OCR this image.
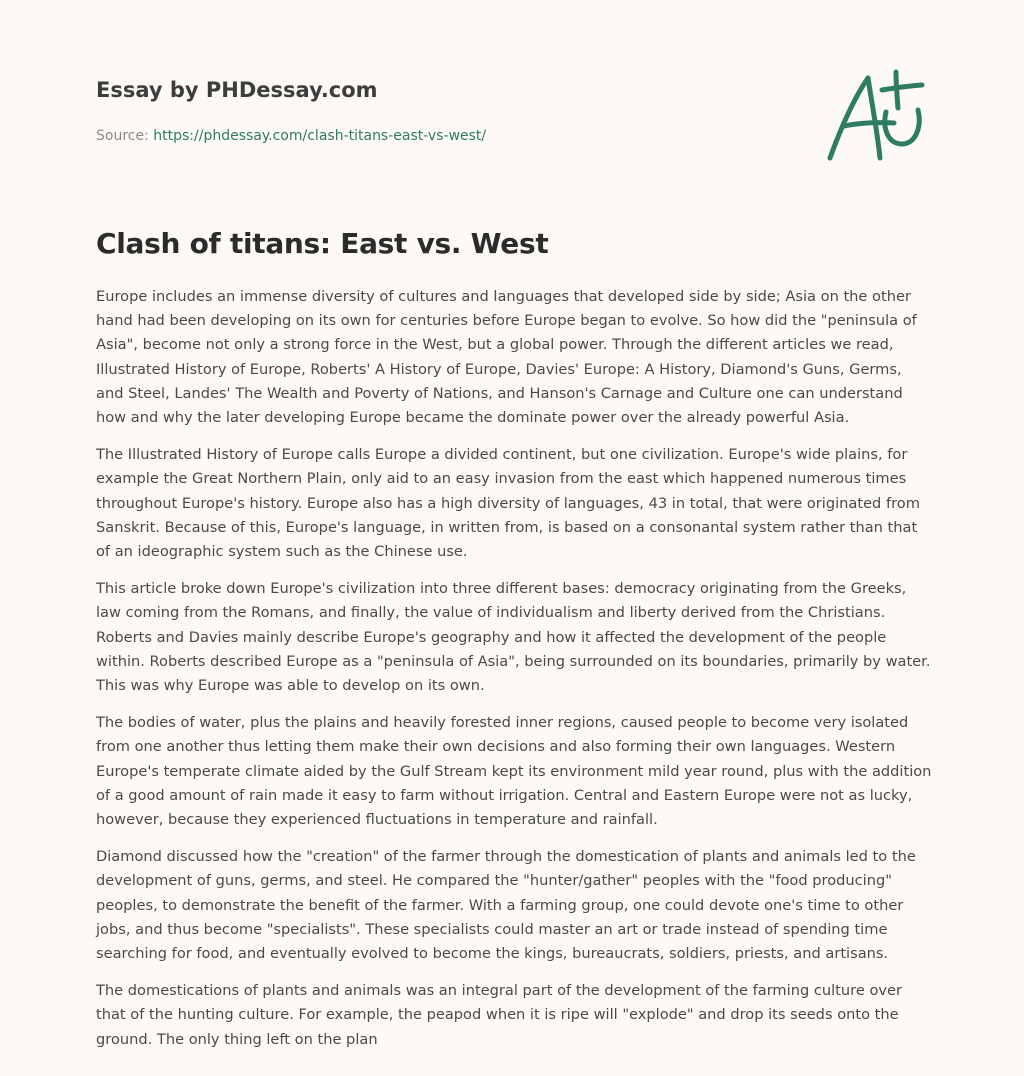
Essay by PHDessay.com
Source: https://phdessay.com/clash-titans-east-vs-west/
Clash of titans: East vs. West

Europe includes an immense diversity of cultures and languages that developed side by side; Asia on the other hand had been developing on its own for centuries before Europe began to evolve. So how did the "peninsula of Asia", become not only a strong force in the West, but a global power. Through the different articles we read, Illustrated History of Europe, Roberts' A History of Europe, Davies' Europe: A History, Diamond's Guns, Germs, and Steel, Landes' The Wealth and Poverty of Nations, and Hanson's Carnage and Culture one can understand how and why the later developing Europe became the dominate power over the already powerful Asia.

The Illustrated History of Europe calls Europe a divided continent, but one civilization. Europe's wide plains, for example the Great Northern Plain, only aid to an easy invasion from the east which happened numerous times throughout Europe's history. Europe also has a high diversity of languages, 43 in total, that were originated from Sanskrit. Because of this, Europe's language, in written from, is based on a consonantal system rather than that of an ideographic system such as the Chinese use.

This article broke down Europe's civilization into three different bases: democracy originating from the Greeks, law coming from the Romans, and finally, the value of individualism and liberty derived from the Christians. Roberts and Davies mainly describe Europe's geography and how it affected the development of the people within. Roberts described Europe as a "peninsula of Asia", being surrounded on its boundaries, primarily by water. This was why Europe was able to develop on its own.

The bodies of water, plus the plains and heavily forested inner regions, caused people to become very isolated from one another thus letting them make their own decisions and also forming their own languages. Western Europe's temperate climate aided by the Gulf Stream kept its environment mild year round, plus with the addition of a good amount of rain made it easy to farm without irrigation. Central and Eastern Europe were not as lucky, however, because they experienced fluctuations in temperature and rainfall.

Diamond discussed how the "creation" of the farmer through the domestication of plants and animals led to the development of guns, germs, and steel. He compared the "hunter/gather" peoples with the "food producing" peoples, to demonstrate the benefit of the farmer. With a farming group, one could devote one's time to other jobs, and thus become "specialists". These specialists could master an art or trade instead of spending time searching for food, and eventually evolved to become the kings, bureaucrats, soldiers, priests, and artisans.

The domestications of plants and animals was an integral part of the development of the farming culture over that of the hunting culture. For example, the peapod when it is ripe will "explode" and drop its seeds onto the ground. The only thing left on the plan
